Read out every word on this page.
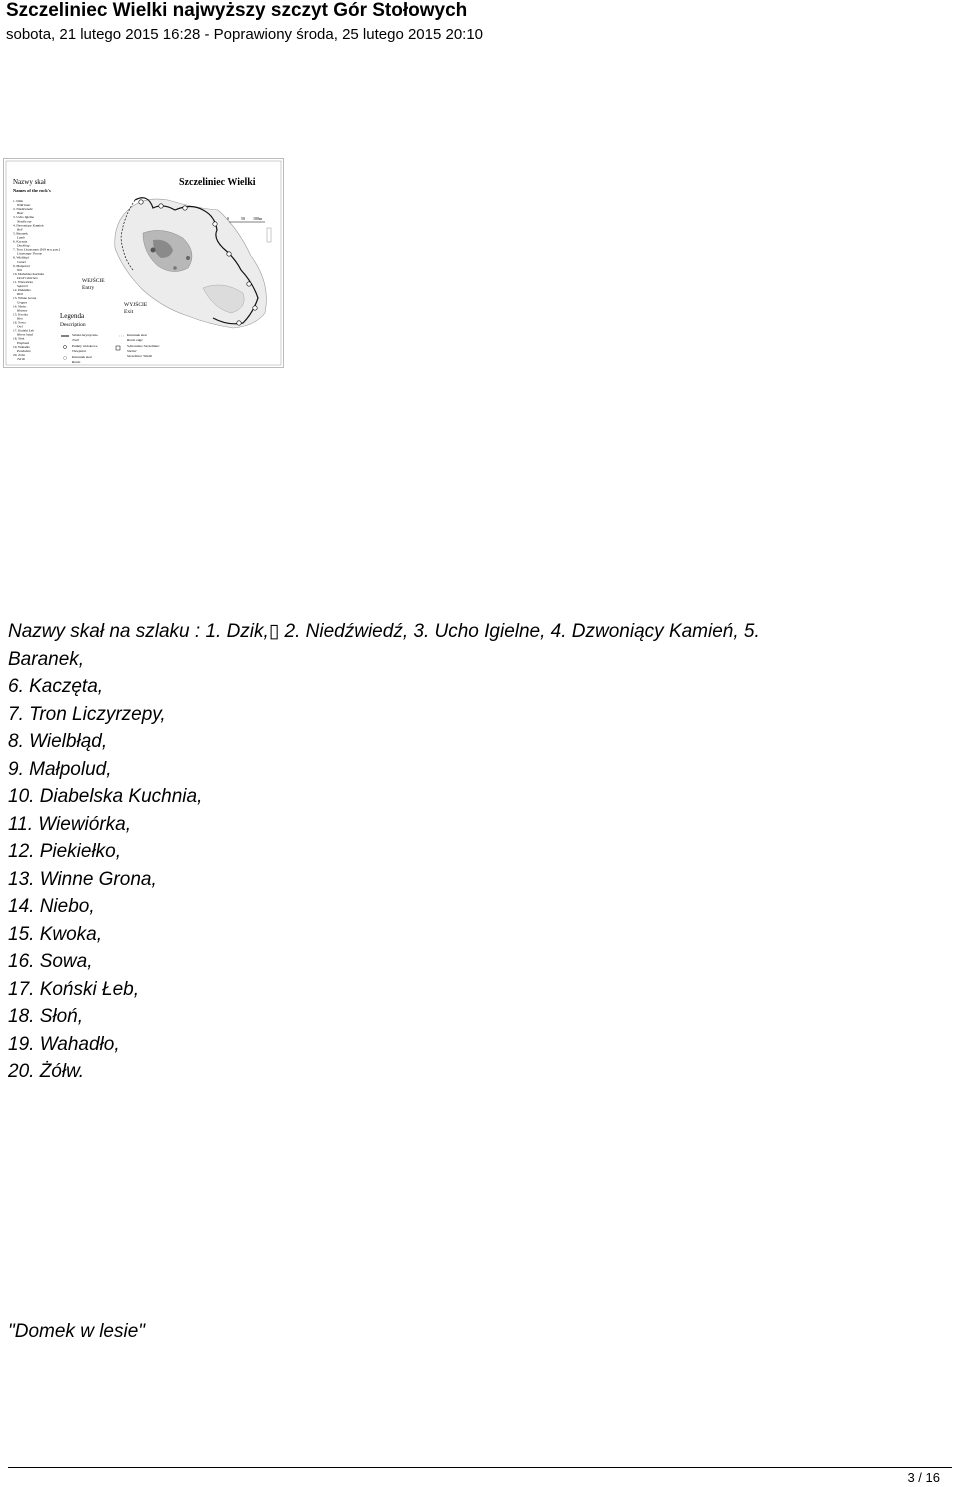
Szczeliniec Wielki najwyższy szczyt Gór Stołowych
sobota, 21 lutego 2015 16:28 - Poprawiony środa, 25 lutego 2015 20:10
Szczeliniec Wielki
Nazwy skał
Names of the rock's
1. Dzik
Wild boar
2. Niedźwiedź
Bear
3. Ucho Igielne
Needle ear
4. Dzwoniący Kamień
Bell
5. Baranek
Lamb
6. Kaczęta
Duckling
7. Tron Liczyrzepy (919 m n.p.m.)
Liczyrzepy Throne
8. Wielbłąd
Camel
9. Małpolud
Yeti
10. Diabelska Kuchnia
Devil's Kitchen
11. Wiewiórka
Squirrel
12. Piekiełko
Hell
13. Winne Grona
Grapes
14. Niebo
Heaven
15. Kwoka
Hen
16. Sowa
Owl
17. Koński Łeb
Horse head
18. Słoń
Elephant
19. Wahadło
Pendulum
20. Żółw
Turtle
0	50 100m
WEJŚCIE
Entry
WYJŚCIE
Exit
Legenda
Description
Szlaki turystyczne
Trail
Punkty widokowe
Viewpoint
Kierunek skał
Rocks
Kierunek skał
Rocks edge
Schronisko Szczeliniec
Shelter
Szczeliniec Wielki
Nazwy skał na szlaku : 1. Dzik,▯ 2. Niedźwiedź, 3. Ucho Igielne, 4. Dzwoniący Kamień, 5.
Baranek,
6. Kaczęta,
7. Tron Liczyrzepy,
8. Wielbłąd,
9. Małpolud,
10. Diabelska Kuchnia,
11. Wiewiórka,
12. Piekiełko,
13. Winne Grona,
14. Niebo,
15. Kwoka,
16. Sowa,
17. Koński Łeb,
18. Słoń,
19. Wahadło,
20. Żółw.
"Domek w lesie"
3 / 16
